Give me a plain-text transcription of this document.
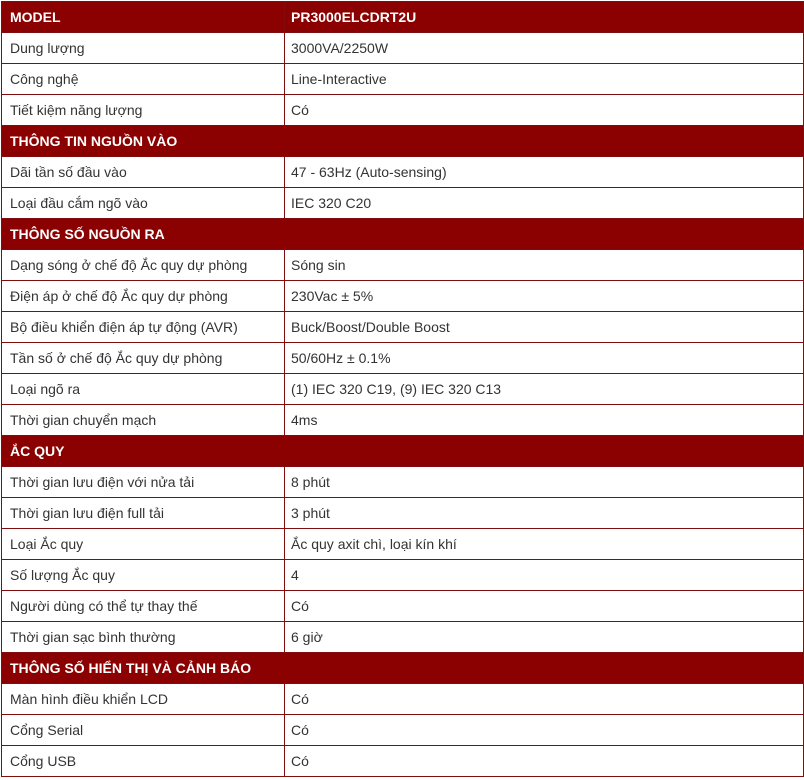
MODEL	PR3000ELCDRT2U
Dung lượng	3000VA/2250W
Công nghệ	Line-Interactive
Tiết kiệm năng lượng	Có
THÔNG TIN NGUỒN VÀO	
Dãi tần số đầu vào	47 - 63Hz (Auto-sensing)
Loại đầu cắm ngõ vào	IEC 320 C20
THÔNG SỐ NGUỒN RA	
Dạng sóng ở chế độ Ắc quy dự phòng	Sóng sin
Điện áp ở chế độ Ắc quy dự phòng	230Vac ± 5%
Bộ điều khiển điện áp tự động (AVR)	Buck/Boost/Double Boost
Tần số ở chế độ Ắc quy dự phòng	50/60Hz ± 0.1%
Loại ngõ ra	(1) IEC 320 C19, (9) IEC 320 C13
Thời gian chuyển mạch	4ms
ẮC QUY	
Thời gian lưu điện với nửa tải	8 phút
Thời gian lưu điện full tải	3 phút
Loại Ắc quy	Ắc quy axit chì, loại kín khí
Số lượng Ắc quy	4
Người dùng có thể tự thay thế	Có
Thời gian sạc bình thường	6 giờ
THÔNG SỐ HIỂN THỊ VÀ CẢNH BÁO	
Màn hình điều khiển LCD	Có
Cổng Serial	Có
Cổng USB	Có
